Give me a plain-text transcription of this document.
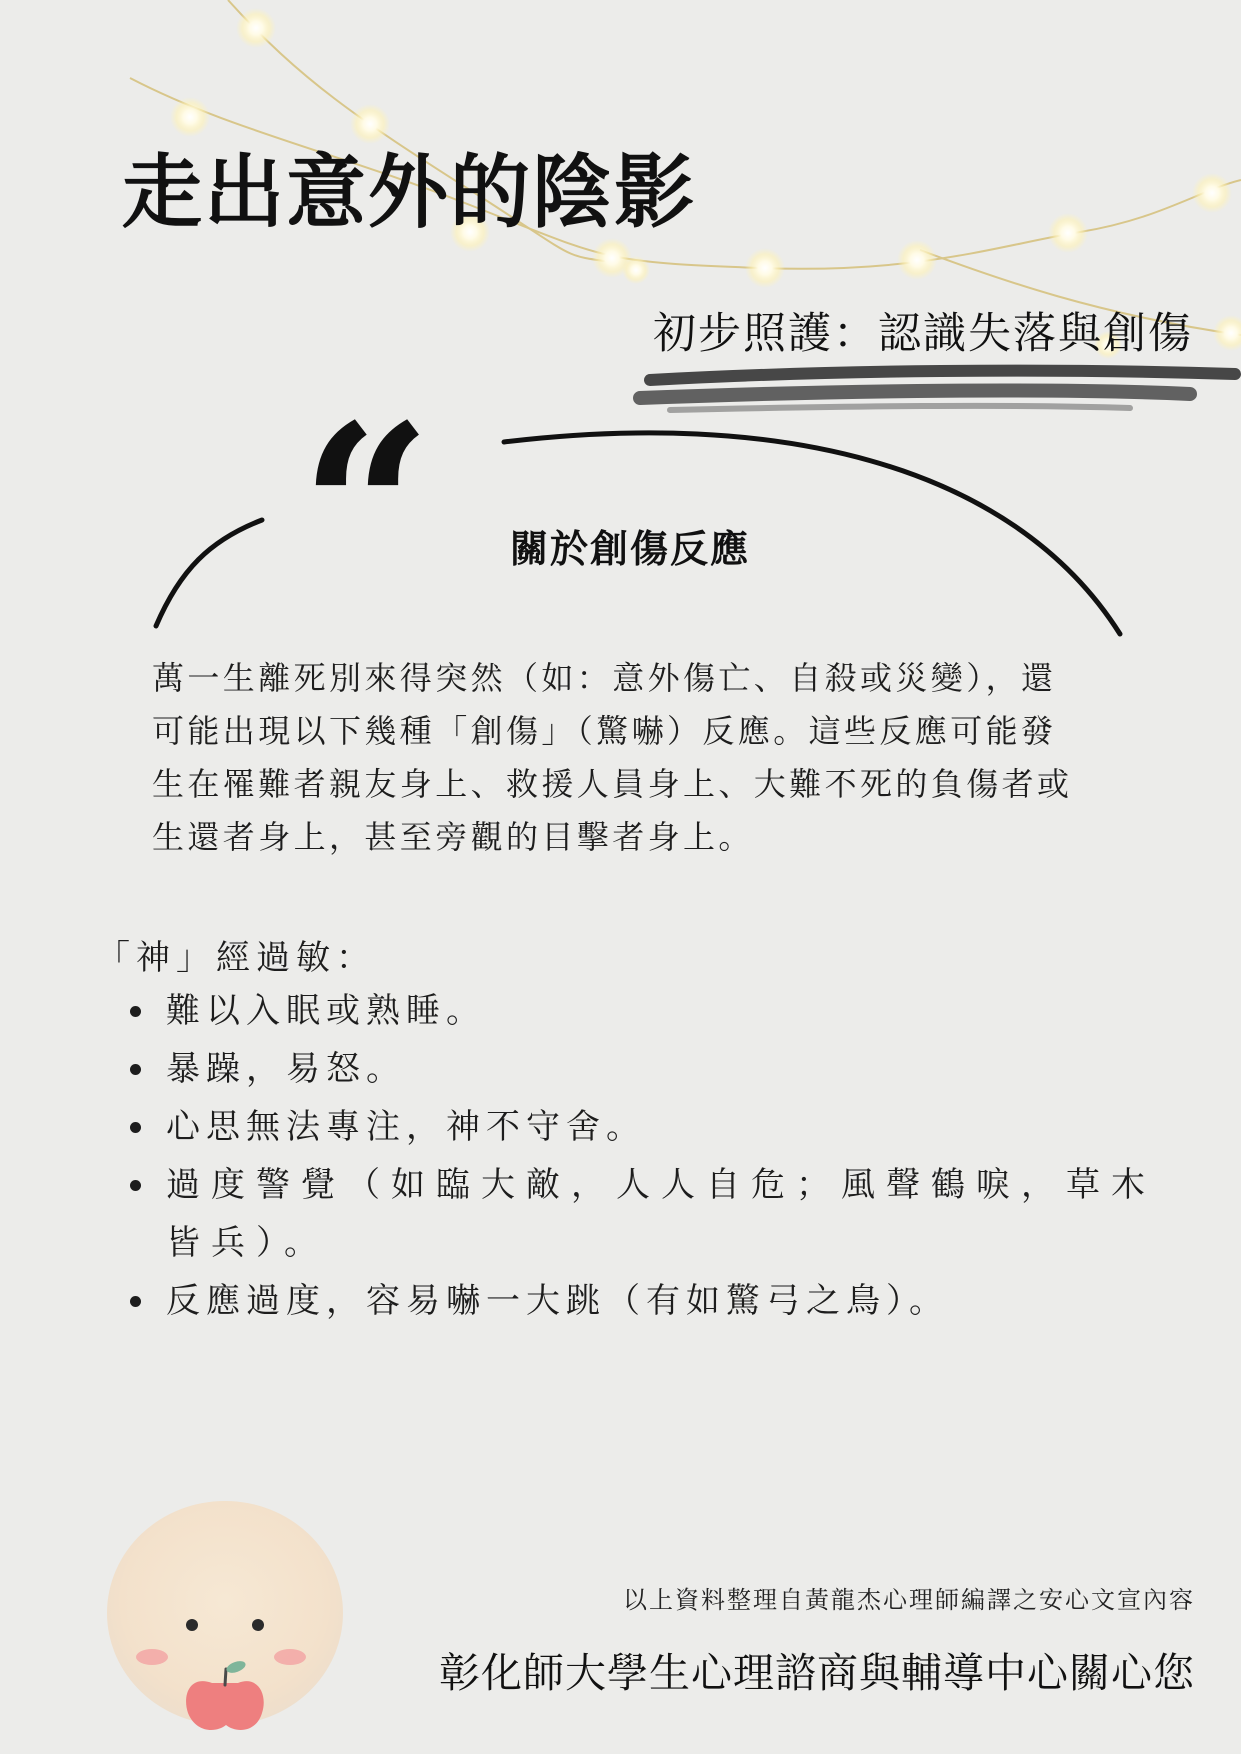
走出意外的陰影
初步照護：認識失落與創傷
“ 關於創傷反應
萬一生離死別來得突然（如：意外傷亡、自殺或災變），還
可能出現以下幾種「創傷」（驚嚇）反應。這些反應可能發
生在罹難者親友身上、救援人員身上、大難不死的負傷者或
生還者身上，甚至旁觀的目擊者身上。
「神」經過敏：
難以入眠或熟睡。
暴躁，易怒。
心思無法專注，神不守舍。
過度警覺（如臨大敵，人人自危；風聲鶴唳，草木皆兵）。
反應過度，容易嚇一大跳（有如驚弓之鳥）。
以上資料整理自黃龍杰心理師編譯之安心文宣內容
彰化師大學生心理諮商與輔導中心關心您
